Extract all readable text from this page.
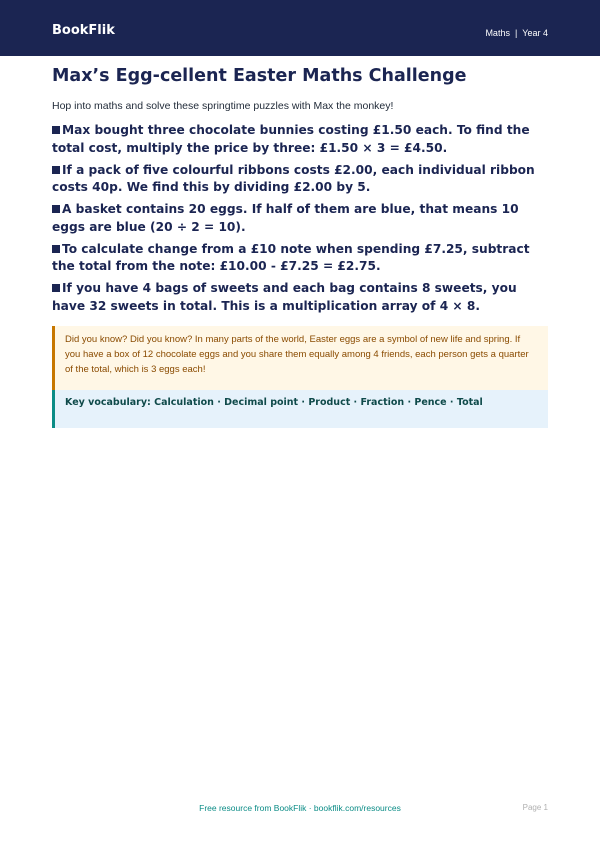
BookFlik	Maths | Year 4
Max’s Egg-cellent Easter Maths Challenge

Hop into maths and solve these springtime puzzles with Max the monkey!

Max bought three chocolate bunnies costing £1.50 each. To find the total cost, multiply the price by three: £1.50 × 3 = £4.50.
If a pack of five colourful ribbons costs £2.00, each individual ribbon costs 40p. We find this by dividing £2.00 by 5.
A basket contains 20 eggs. If half of them are blue, that means 10 eggs are blue (20 ÷ 2 = 10).
To calculate change from a £10 note when spending £7.25, subtract the total from the note: £10.00 - £7.25 = £2.75.
If you have 4 bags of sweets and each bag contains 8 sweets, you have 32 sweets in total. This is a multiplication array of 4 × 8.

Did you know? Did you know? In many parts of the world, Easter eggs are a symbol of new life and spring. If you have a box of 12 chocolate eggs and you share them equally among 4 friends, each person gets a quarter of the total, which is 3 eggs each!

Key vocabulary: Calculation · Decimal point · Product · Fraction · Pence · Total

Free resource from BookFlik · bookflik.com/resources	Page 1
